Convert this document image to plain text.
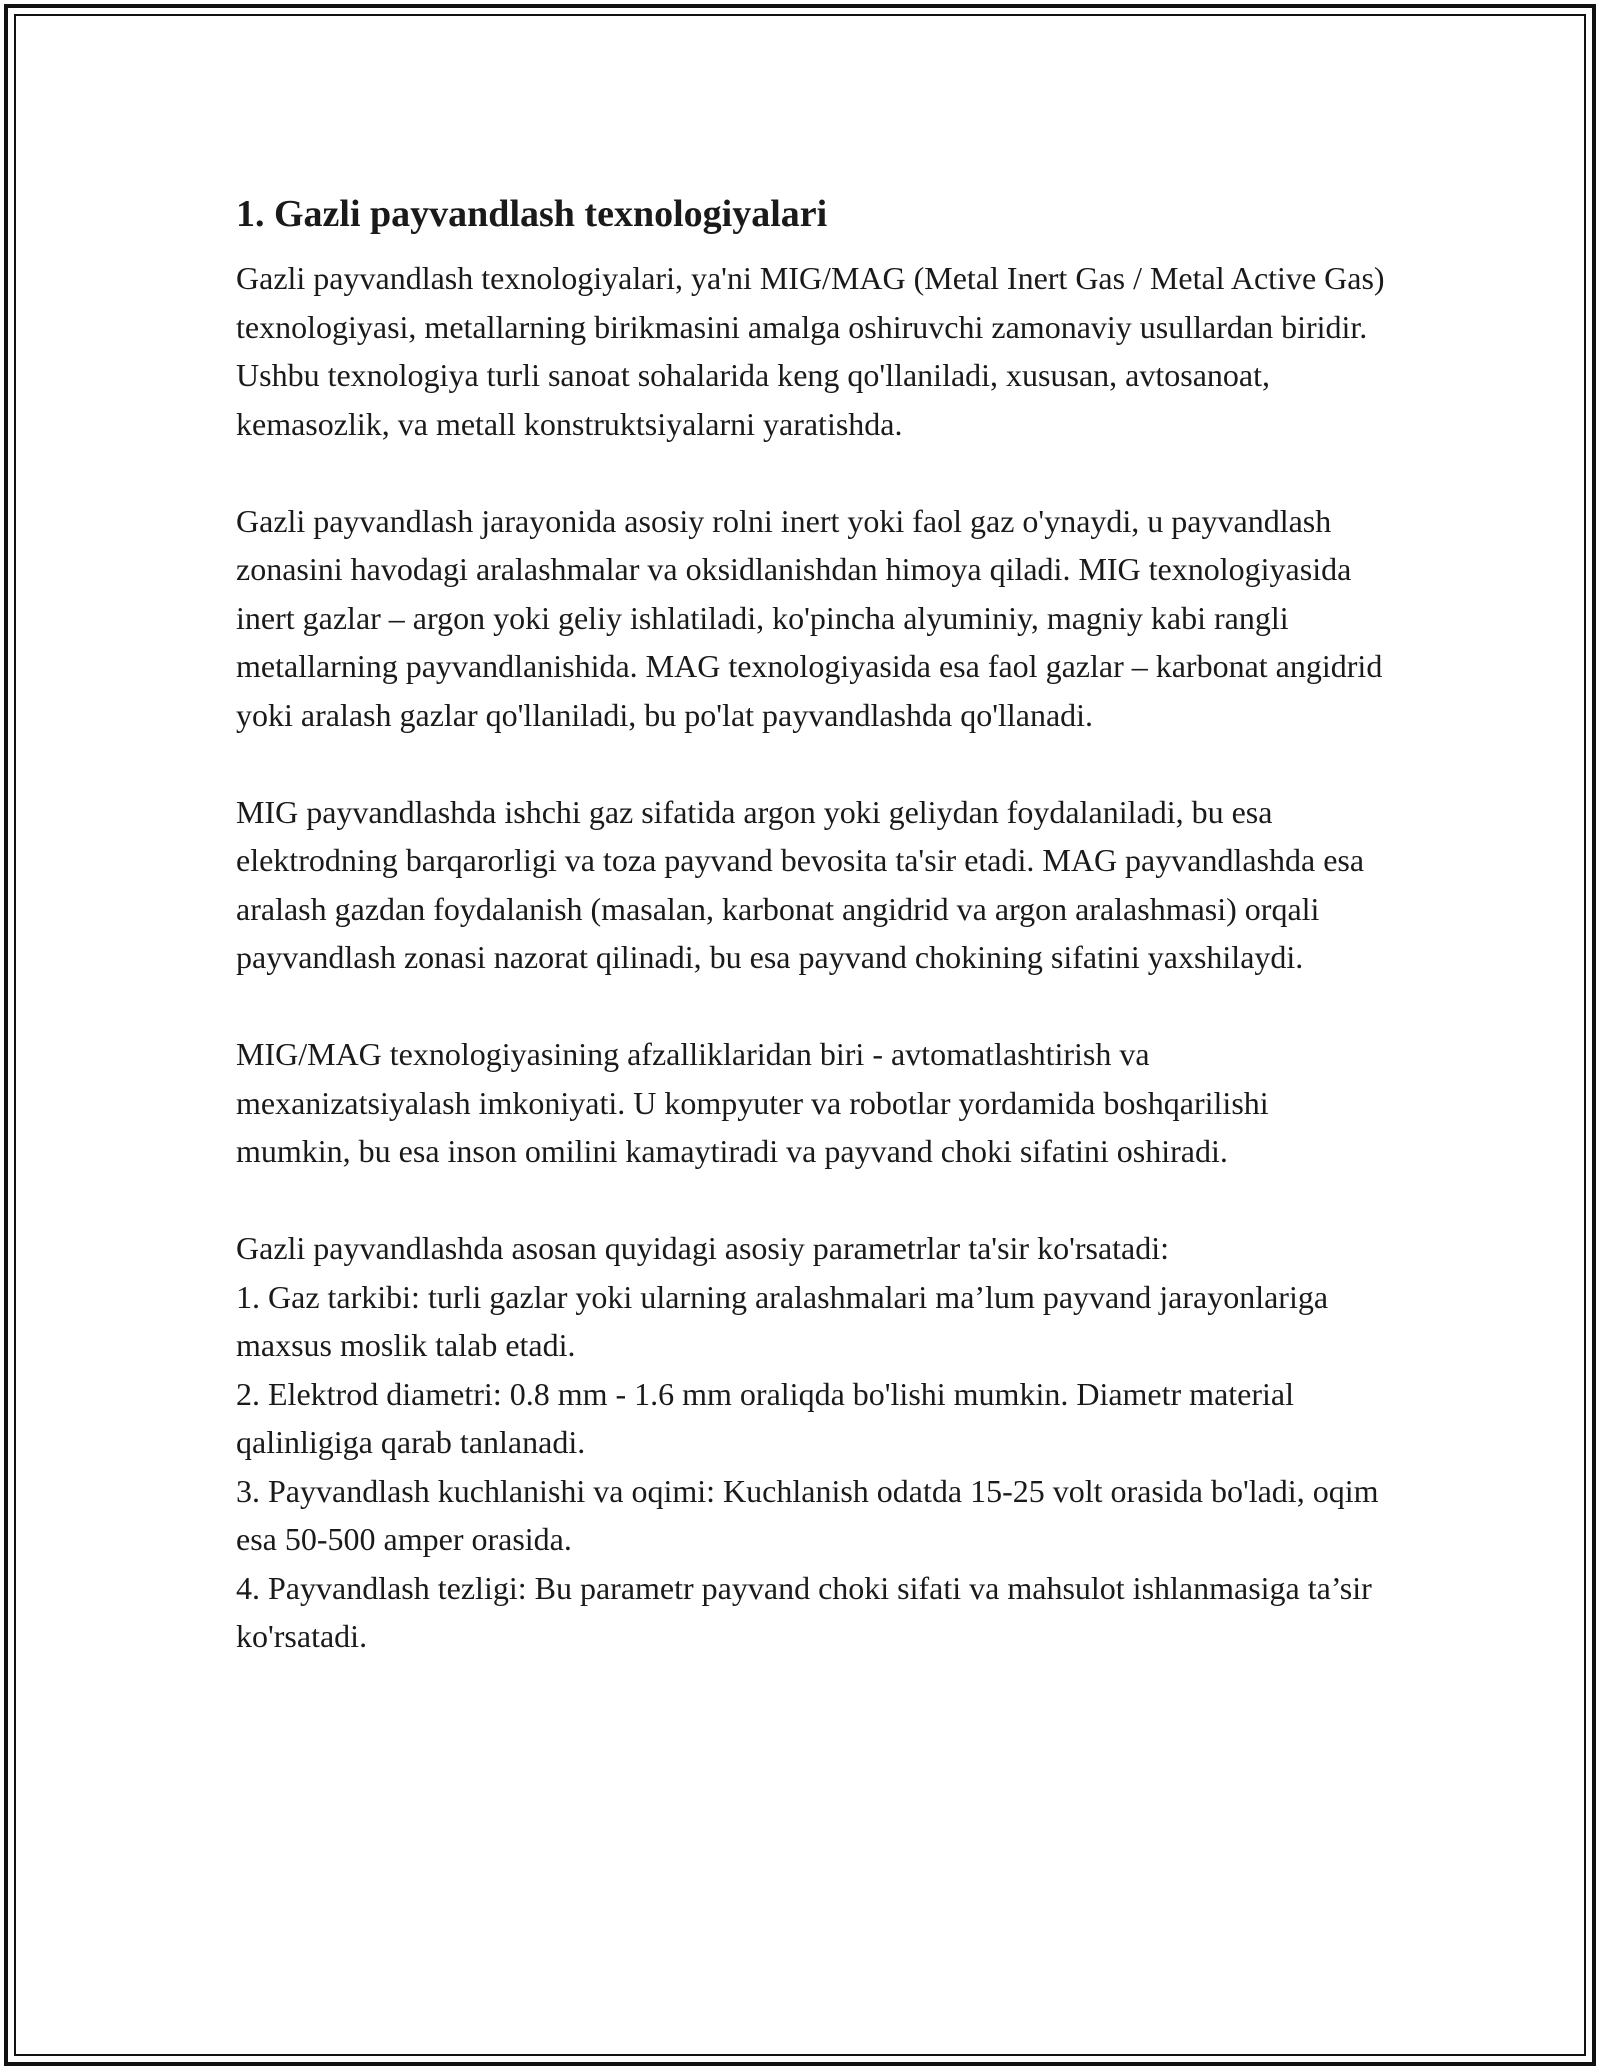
1. Gazli payvandlash texnologiyalari

Gazli payvandlash texnologiyalari, ya'ni MIG/MAG (Metal Inert Gas / Metal Active Gas) texnologiyasi, metallarning birikmasini amalga oshiruvchi zamonaviy usullardan biridir. Ushbu texnologiya turli sanoat sohalarida keng qo'llaniladi, xususan, avtosanoat, kemasozlik, va metall konstruktsiyalarni yaratishda.

Gazli payvandlash jarayonida asosiy rolni inert yoki faol gaz o'ynaydi, u payvandlash zonasini havodagi aralashmalar va oksidlanishdan himoya qiladi. MIG texnologiyasida inert gazlar – argon yoki geliy ishlatiladi, ko'pincha alyuminiy, magniy kabi rangli metallarning payvandlanishida. MAG texnologiyasida esa faol gazlar – karbonat angidrid yoki aralash gazlar qo'llaniladi, bu po'lat payvandlashda qo'llanadi.

MIG payvandlashda ishchi gaz sifatida argon yoki geliydan foydalaniladi, bu esa elektrodning barqarorligi va toza payvand bevosita ta'sir etadi. MAG payvandlashda esa aralash gazdan foydalanish (masalan, karbonat angidrid va argon aralashmasi) orqali payvandlash zonasi nazorat qilinadi, bu esa payvand chokining sifatini yaxshilaydi.

MIG/MAG texnologiyasining afzalliklaridan biri - avtomatlashtirish va mexanizatsiyalash imkoniyati. U kompyuter va robotlar yordamida boshqarilishi mumkin, bu esa inson omilini kamaytiradi va payvand choki sifatini oshiradi.

Gazli payvandlashda asosan quyidagi asosiy parametrlar ta'sir ko'rsatadi:

1. Gaz tarkibi: turli gazlar yoki ularning aralashmalari ma’lum payvand jarayonlariga maxsus moslik talab etadi.

2. Elektrod diametri: 0.8 mm - 1.6 mm oraliqda bo'lishi mumkin. Diametr material qalinligiga qarab tanlanadi.

3. Payvandlash kuchlanishi va oqimi: Kuchlanish odatda 15-25 volt orasida bo'ladi, oqim esa 50-500 amper orasida.

4. Payvandlash tezligi: Bu parametr payvand choki sifati va mahsulot ishlanmasiga ta’sir ko'rsatadi.
